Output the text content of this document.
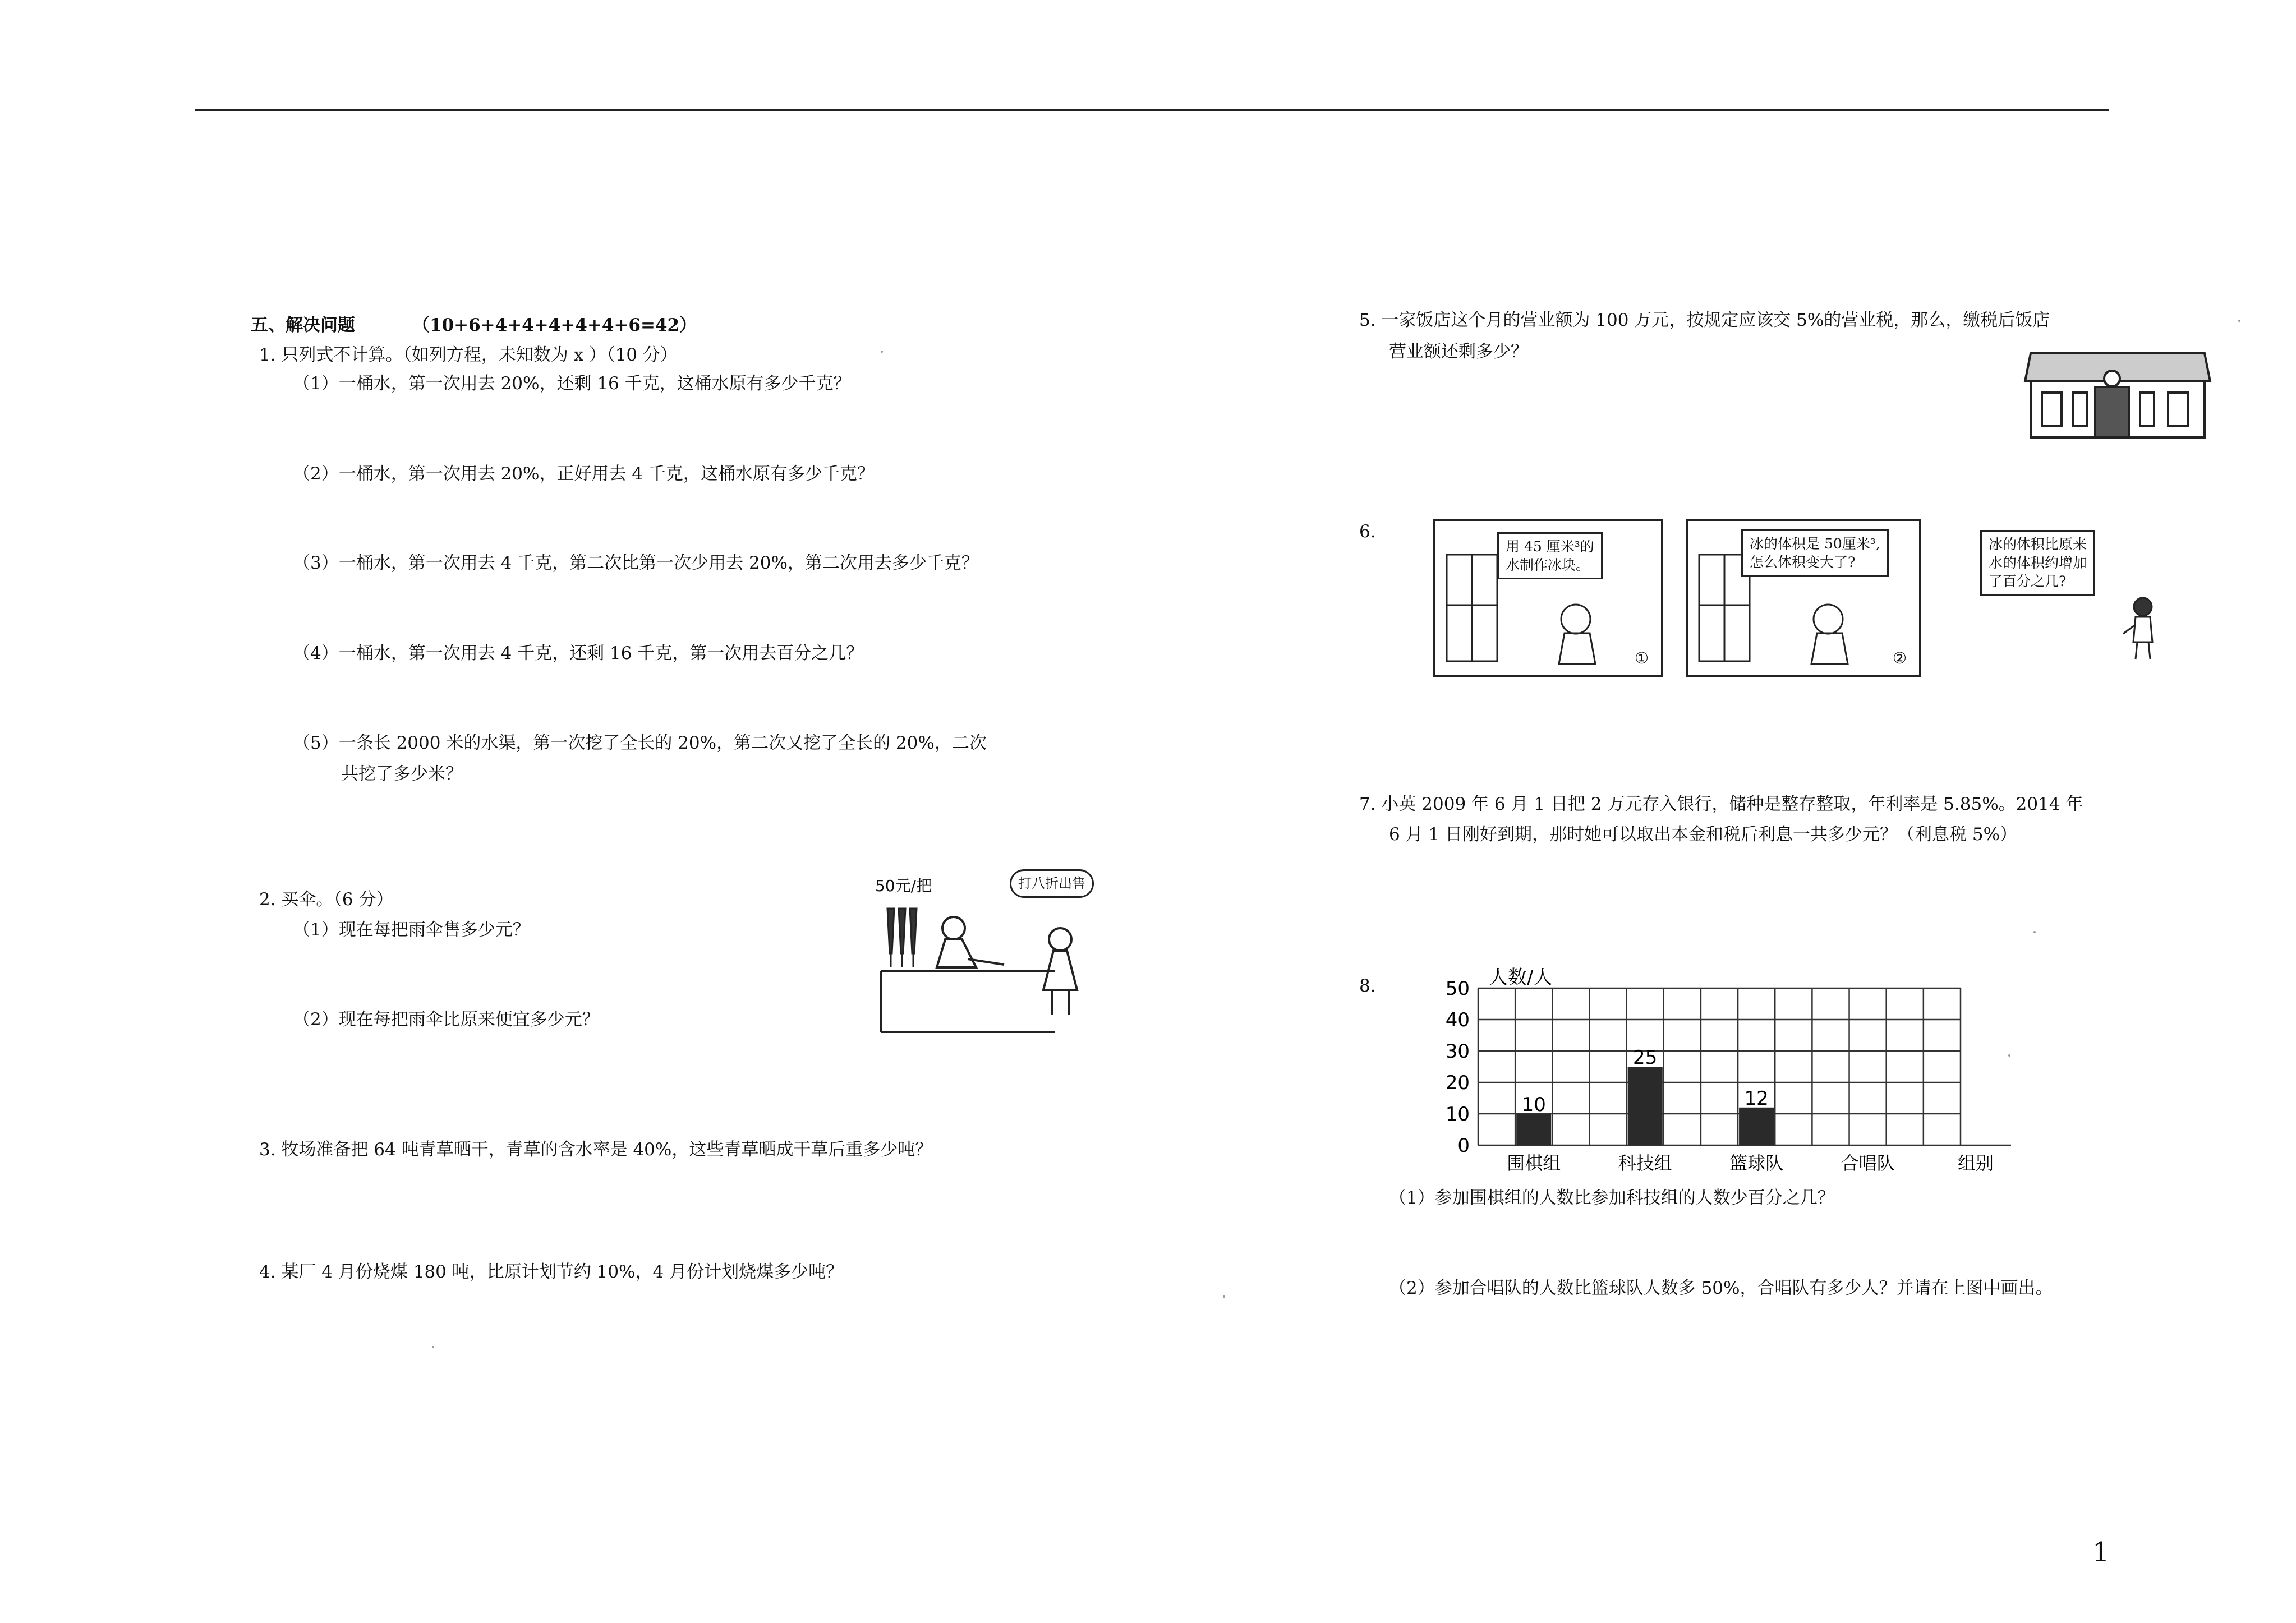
五、解决问题	（10+6+4+4+4+4+4+6=42）
1. 只列式不计算。（如列方程，未知数为 x ）（10 分）
（1）一桶水，第一次用去 20%，还剩 16 千克，这桶水原有多少千克？
（2）一桶水，第一次用去 20%，正好用去 4 千克，这桶水原有多少千克？
（3）一桶水，第一次用去 4 千克，第二次比第一次少用去 20%，第二次用去多少千克？
（4）一桶水，第一次用去 4 千克，还剩 16 千克，第一次用去百分之几？
（5）一条长 2000 米的水渠，第一次挖了全长的 20%，第二次又挖了全长的 20%，二次
共挖了多少米？
2. 买伞。（6 分）
（1）现在每把雨伞售多少元？
（2）现在每把雨伞比原来便宜多少元？
50元/把	打八折出售
3. 牧场准备把 64 吨青草晒干，青草的含水率是 40%，这些青草晒成干草后重多少吨？
4. 某厂 4 月份烧煤 180 吨，比原计划节约 10%，4 月份计划烧煤多少吨？
5. 一家饭店这个月的营业额为 100 万元，按规定应该交 5%的营业税，那么，缴税后饭店
营业额还剩多少？
6.
用 45 厘米³的
水制作冰块。
①
冰的体积是 50厘米³,
怎么体积变大了?
②
冰的体积比原来
水的体积约增加
了百分之几?
7. 小英 2009 年 6 月 1 日把 2 万元存入银行，储种是整存整取，年利率是 5.85%。2014 年
6 月 1 日刚好到期，那时她可以取出本金和税后利息一共多少元？（利息税 5%）
8.	50
40
30
20
10
0
10
围棋组
25
科技组
12
篮球队	合唱队
人数/人
组别
（1）参加围棋组的人数比参加科技组的人数少百分之几？
（2）参加合唱队的人数比篮球队人数多 50%，合唱队有多少人？并请在上图中画出。
1
